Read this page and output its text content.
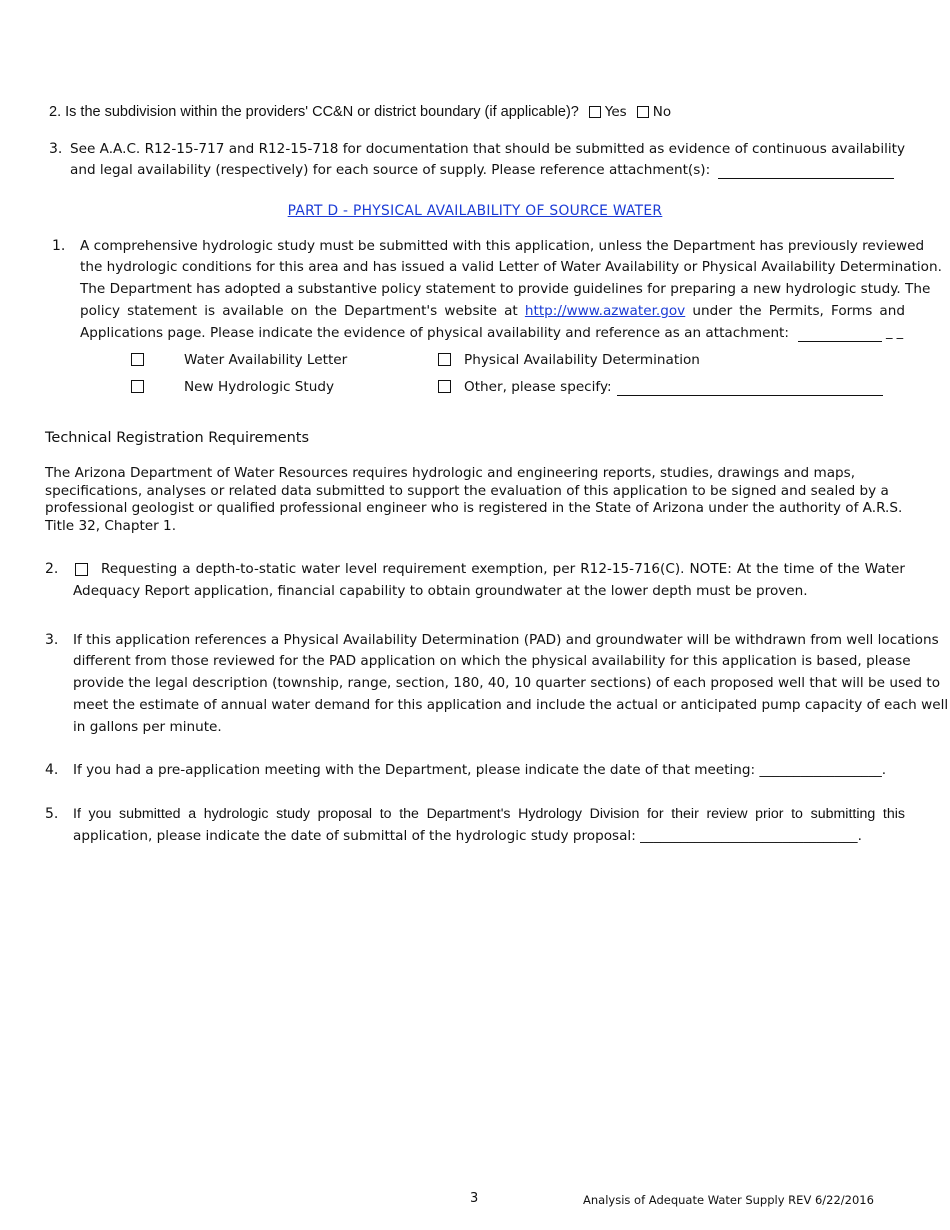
2. Is the subdivision within the providers' CC&N or district boundary (if applicable)? Yes No
3. See A.A.C. R12-15-717 and R12-15-718 for documentation that should be submitted as evidence of continuous availability
and legal availability (respectively) for each source of supply. Please reference attachment(s):
PART D - PHYSICAL AVAILABILITY OF SOURCE WATER
1. A comprehensive hydrologic study must be submitted with this application, unless the Department has previously reviewed
the hydrologic conditions for this area and has issued a valid Letter of Water Availability or Physical Availability Determination.
The Department has adopted a substantive policy statement to provide guidelines for preparing a new hydrologic study. The
policy statement is available on the Department's website at http://www.azwater.gov under the Permits, Forms and
Applications page. Please indicate the evidence of physical availability and reference as an attachment:	_ _
Water Availability Letter	Physical Availability Determination
New Hydrologic Study	Other, please specify:
Technical Registration Requirements
The Arizona Department of Water Resources requires hydrologic and engineering reports, studies, drawings and maps,
specifications, analyses or related data submitted to support the evaluation of this application to be signed and sealed by a
professional geologist or qualified professional engineer who is registered in the State of Arizona under the authority of A.R.S.
Title 32, Chapter 1.
2.	Requesting a depth-to-static water level requirement exemption, per R12-15-716(C). NOTE: At the time of the Water
Adequacy Report application, financial capability to obtain groundwater at the lower depth must be proven.
3. If this application references a Physical Availability Determination (PAD) and groundwater will be withdrawn from well locations
different from those reviewed for the PAD application on which the physical availability for this application is based, please
provide the legal description (township, range, section, 180, 40, 10 quarter sections) of each proposed well that will be used to
meet the estimate of annual water demand for this application and include the actual or anticipated pump capacity of each well
in gallons per minute.
4. If you had a pre-application meeting with the Department, please indicate the date of that meeting: __________________.
5. If you submitted a hydrologic study proposal to the Department's Hydrology Division for their review prior to submitting this
application, please indicate the date of submittal of the hydrologic study proposal: ________________________________.
3	Analysis of Adequate Water Supply REV 6/22/2016
